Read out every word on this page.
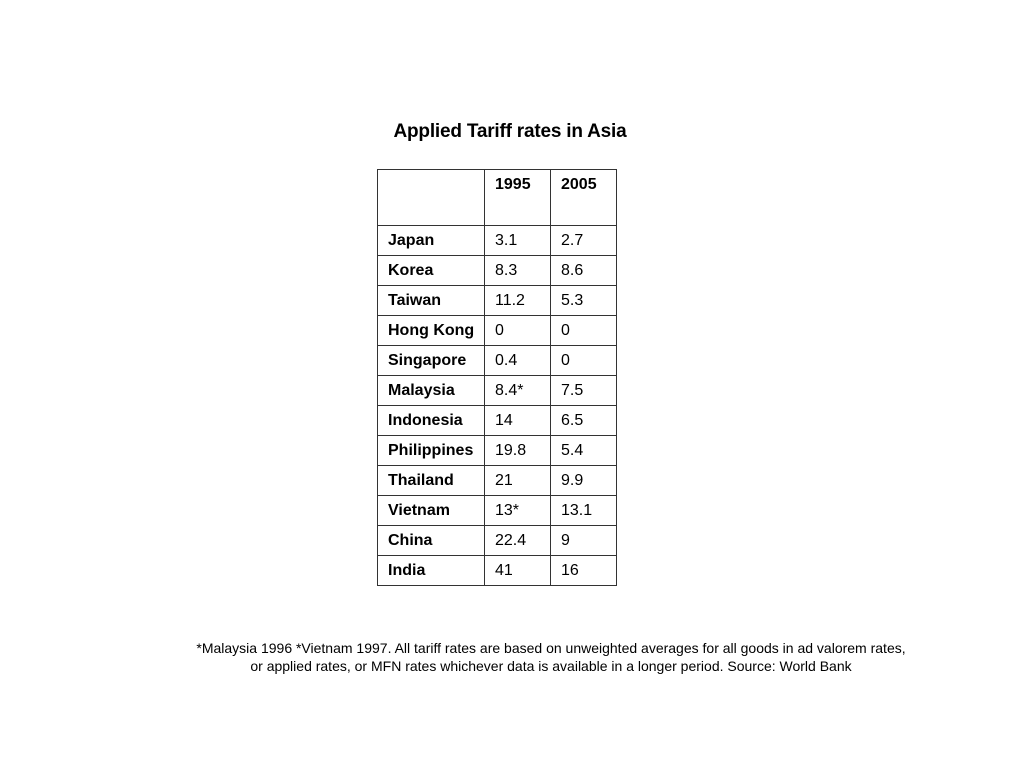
Applied Tariff rates in Asia
	1995	2005
Japan	3.1	2.7
Korea	8.3	8.6
Taiwan	11.2	5.3
Hong Kong	0	0
Singapore	0.4	0
Malaysia	8.4*	7.5
Indonesia	14	6.5
Philippines	19.8	5.4
Thailand	21	9.9
Vietnam	13*	13.1
China	22.4	9
India	41	16
*Malaysia 1996 *Vietnam 1997. All tariff rates are based on unweighted averages for all goods in ad valorem rates,
or applied rates, or MFN rates whichever data is available in a longer period. Source: World Bank
